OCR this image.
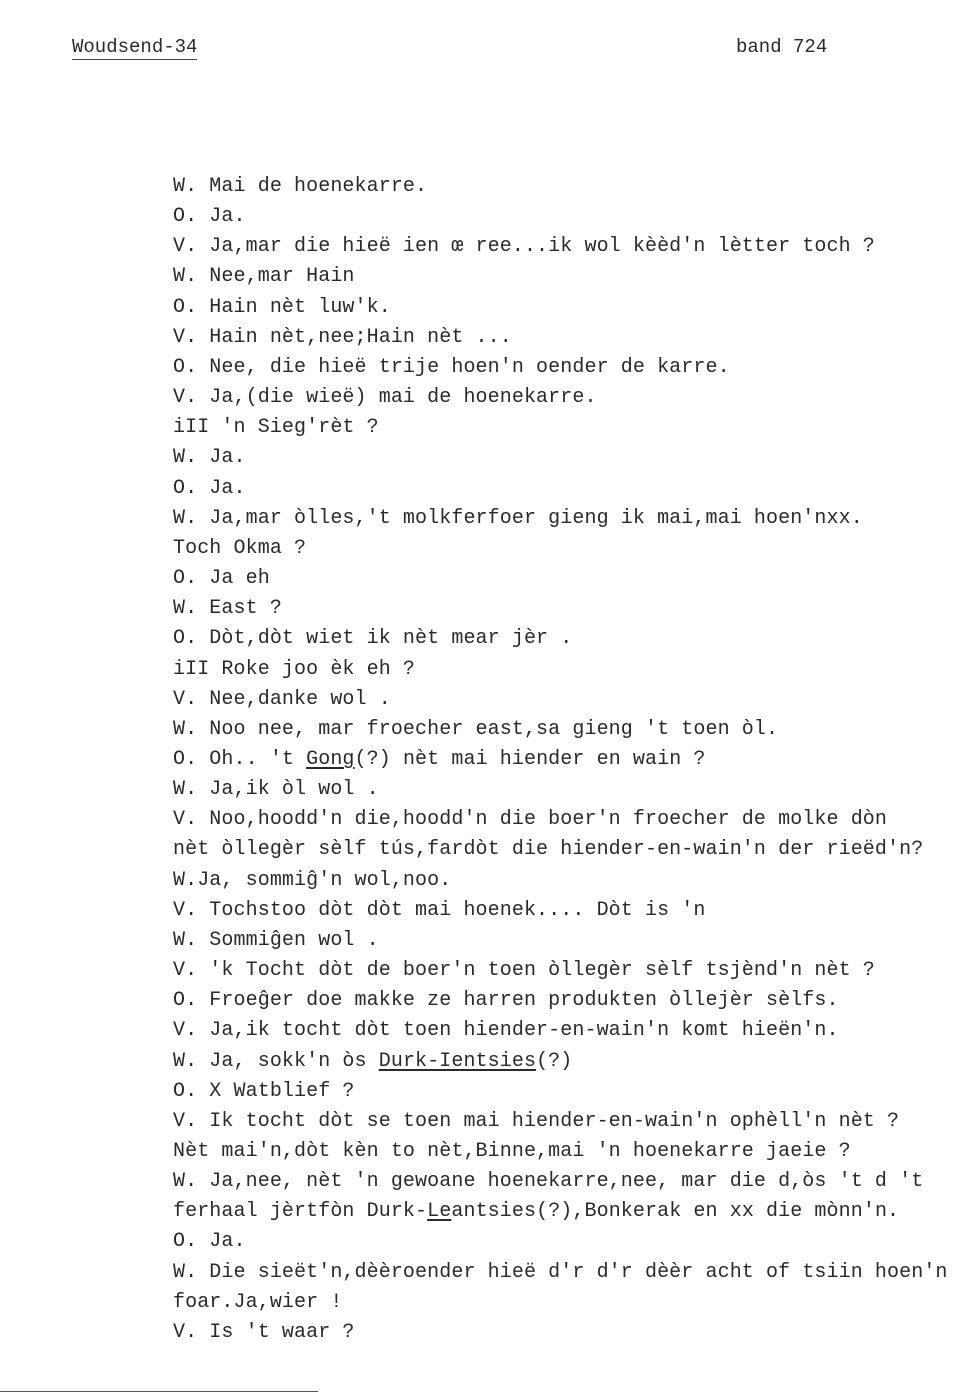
Woudsend-34	band 724
W. Mai de hoenekarre.
O. Ja.
V. Ja,mar die hieë ien œ ree...ik wol kèèd'n lètter toch ?
W. Nee,mar Hain
O. Hain nèt luw'k.
V. Hain nèt,nee;Hain nèt ...
O. Nee, die hieë trije hoen'n oender de karre.
V. Ja,(die wieë) mai de hoenekarre.
iII 'n Sieg'rèt ?
W. Ja.
O. Ja.
W. Ja,mar òlles,'t molkferfoer gieng ik mai,mai hoen'nxx.
Toch Okma ?
O. Ja eh
W. East ?
O. Dòt,dòt wiet ik nèt mear jèr .
iII Roke joo èk eh ?
V. Nee,danke wol .
W. Noo nee, mar froecher east,sa gieng 't toen òl.
O. Oh.. 't Gong(?) nèt mai hiender en wain ?
W. Ja,ik òl wol .
V. Noo,hoodd'n die,hoodd'n die boer'n froecher de molke dòn
nèt òllegèr sèlf tús,fardòt die hiender-en-wain'n der rieëd'n?
W.Ja, sommiĝ'n wol,noo.
V. Tochstoo dòt dòt mai hoenek.... Dòt is 'n
W. Sommiĝen wol .
V. 'k Tocht dòt de boer'n toen òllegèr sèlf tsjènd'n nèt ?
O. Froeĝer doe makke ze harren produkten òllejèr sèlfs.
V. Ja,ik tocht dòt toen hiender-en-wain'n komt hieën'n.
W. Ja, sokk'n òs Durk-Ientsies(?)
O. X Watblief ?
V. Ik tocht dòt se toen mai hiender-en-wain'n ophèll'n nèt ?
Nèt mai'n,dòt kèn to nèt,Binne,mai 'n hoenekarre jaeie ?
W. Ja,nee, nèt 'n gewoane hoenekarre,nee, mar die d,òs 't d 't
ferhaal jèrtfòn Durk-Leantsies(?),Bonkerak en xx die mònn'n.
O. Ja.
W. Die sieët'n,dèèroender hieë d'r d'r dèèr acht of tsiin hoen'n
foar.Ja,wier !
V. Is 't waar ?
